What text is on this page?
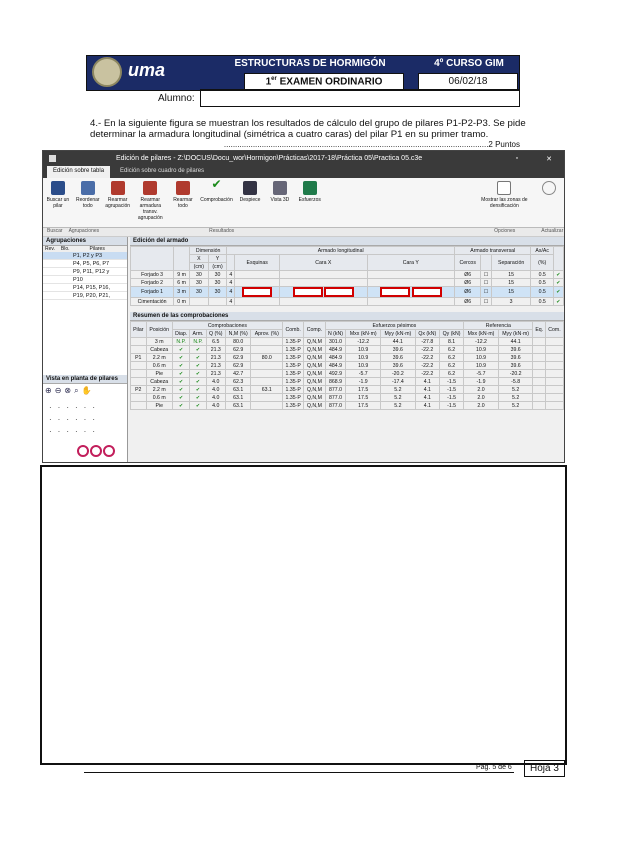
uma	ESTRUCTURAS DE HORMIGÓN	4º CURSO GIM
1er EXAMEN ORDINARIO	06/02/18
Alumno:
4.- En la siguiente figura se muestran los resultados de cálculo del grupo de pilares P1-P2-P3. Se pide determinar la armadura longitudinal (simétrica a cuatro caras) del pilar P1 en su primer tramo.
.......................................................................................................................2 Puntos
Edición de pilares - Z:\DOCUS\Docu_wor\Hormigon\Prácticas\2017-18\Práctica 05\Practica 05.c3e	▫	✕
Edición sobre tabla	Edición sobre cuadro de pilares
Buscar un pilar
Reordenar todo
Rearmar agrupación
Rearmar armadura transv. agrupación
Rearmar todo
✔
Comprobación Despiece Vista 3D Esfuerzos	Mostrar las zonas de densificación
Buscar Agrupaciones	Resultados	Opciones	Actualizar
Agrupaciones
Rev. Blo.	Pilares
P1, P2 y P3
P4, P5, P6, P7
P9, P11, P12 y
P10
P14, P15, P16,
P19, P20, P21,
Vista en planta de pilares
⊕⊖⊗⌕✋
······
······
······
Edición del armado
		Dimensión		Armado longitudinal				Armado transversal			As/Ac	
		X	Y		Esquinas	Cara X	Cara Y	Cercos		Separación	(%)	
		(cm)	(cm)									
Forjado 3	9 m	30	30	4				Ø6	☐	15	0.5	✔
Forjado 2	6 m	30	30	4				Ø6	☐	15	0.5	✔
Forjado 1	3 m	30	30	4				Ø6	☐	15	0.5	✔
Cimentación	0 m			4				Ø6	☐	3	0.5	✔
Resumen de las comprobaciones
Pilar	Posición	Comprobaciones					Comb.	Comp.	Esfuerzos pésimos					Referencia		Eq.	Com.
		Diap.	Arm.	Q (%)	N,M (%)	Aprov. (%)			N (kN)	Mxx (kN·m)	Myy (kN·m)	Qx (kN)	Qy (kN)	Mxx (kN·m)	Myy (kN·m)		
	3 m	N.P.	N.P.	6.5	80.0		1.35·P	Q,N,M	301.0	-12.2	44.1	-27.8	8.1	-12.2	44.1		
	Cabeza	✔	✔	21.3	62.9		1.35·P	Q,N,M	484.9	10.9	39.6	-22.2	6.2	10.9	39.6		
P1	2.2 m	✔	✔	21.3	62.9	80.0	1.35·P	Q,N,M	484.9	10.9	39.6	-22.2	6.2	10.9	39.6		
	0.6 m	✔	✔	21.3	62.9		1.35·P	Q,N,M	484.9	10.9	39.6	-22.2	6.2	10.9	39.6		
	Pie	✔	✔	21.3	42.7		1.35·P	Q,N,M	492.9	-5.7	-20.2	-22.2	6.2	-5.7	-20.2		
	Cabeza	✔	✔	4.0	62.3		1.35·P	Q,N,M	868.9	-1.9	-17.4	4.1	-1.5	-1.9	-5.8		
P2	2.2 m	✔	✔	4.0	63.1	63.1	1.35·P	Q,N,M	877.0	17.5	5.2	4.1	-1.5	2.0	5.2		
	0.6 m	✔	✔	4.0	63.1		1.35·P	Q,N,M	877.0	17.5	5.2	4.1	-1.5	2.0	5.2		
	Pie	✔	✔	4.0	63.1		1.35·P	Q,N,M	877.0	17.5	5.2	4.1	-1.5	2.0	5.2		
Pág. 5 de 6	Hoja 3
